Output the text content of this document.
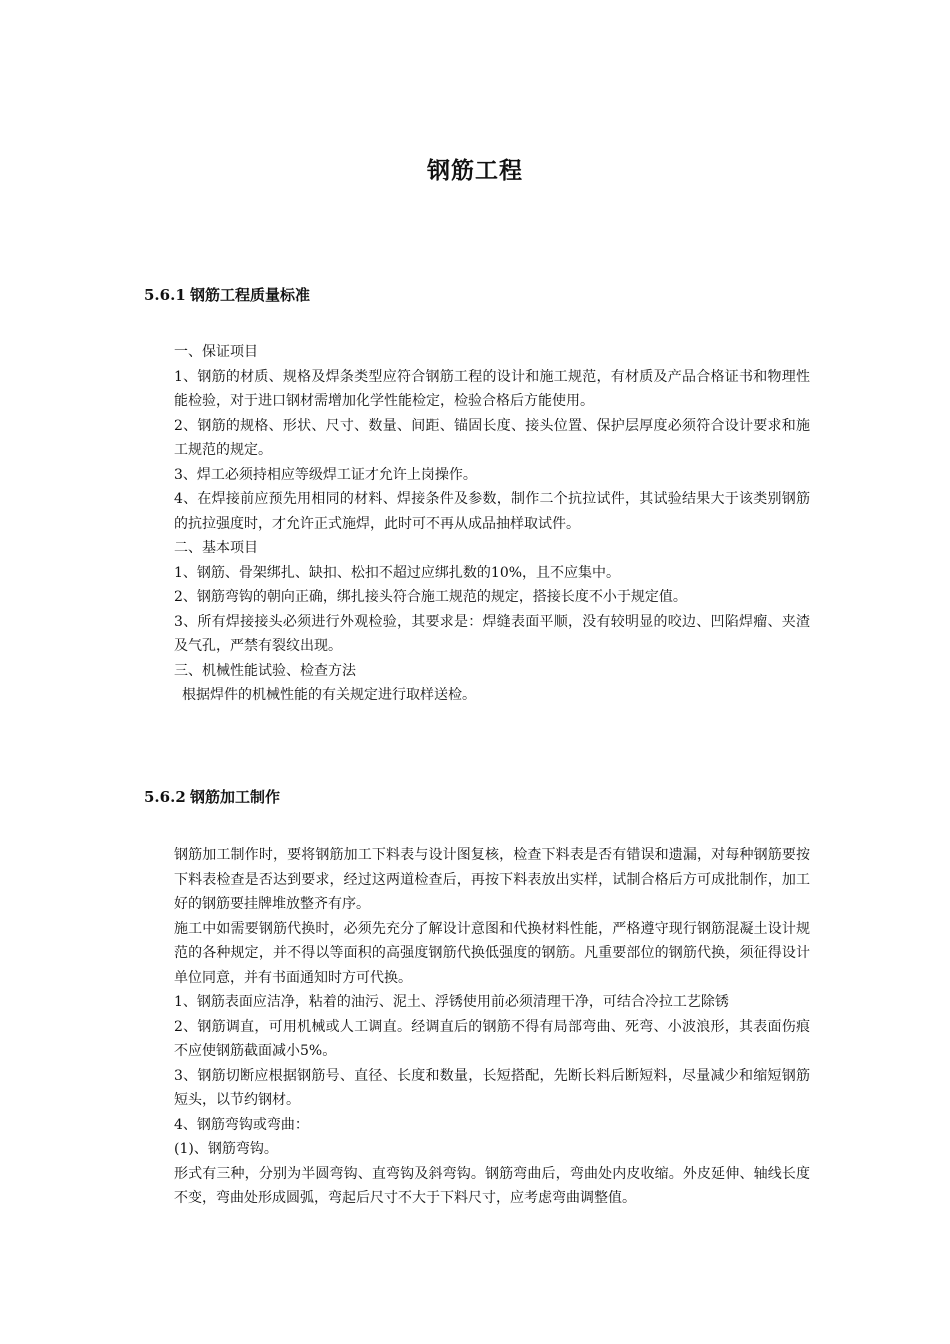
钢筋工程
5.6.1 钢筋工程质量标准

一、保证项目

1、钢筋的材质、规格及焊条类型应符合钢筋工程的设计和施工规范，有材质及产品合格证书和物理性能检验，对于进口钢材需增加化学性能检定，检验合格后方能使用。

2、钢筋的规格、形状、尺寸、数量、间距、锚固长度、接头位置、保护层厚度必须符合设计要求和施工规范的规定。

3、焊工必须持相应等级焊工证才允许上岗操作。

4、在焊接前应预先用相同的材料、焊接条件及参数，制作二个抗拉试件，其试验结果大于该类别钢筋的抗拉强度时，才允许正式施焊，此时可不再从成品抽样取试件。

二、基本项目

1、钢筋、骨架绑扎、缺扣、松扣不超过应绑扎数的10%，且不应集中。

2、钢筋弯钩的朝向正确，绑扎接头符合施工规范的规定，搭接长度不小于规定值。

3、所有焊接接头必须进行外观检验，其要求是：焊缝表面平顺，没有较明显的咬边、凹陷焊瘤、夹渣及气孔，严禁有裂纹出现。

三、机械性能试验、检查方法

根据焊件的机械性能的有关规定进行取样送检。

5.6.2 钢筋加工制作

钢筋加工制作时，要将钢筋加工下料表与设计图复核，检查下料表是否有错误和遗漏，对每种钢筋要按下料表检查是否达到要求，经过这两道检查后，再按下料表放出实样，试制合格后方可成批制作，加工好的钢筋要挂牌堆放整齐有序。

施工中如需要钢筋代换时，必须先充分了解设计意图和代换材料性能，严格遵守现行钢筋混凝土设计规范的各种规定，并不得以等面积的高强度钢筋代换低强度的钢筋。凡重要部位的钢筋代换，须征得设计单位同意，并有书面通知时方可代换。

1、钢筋表面应洁净，粘着的油污、泥土、浮锈使用前必须清理干净，可结合冷拉工艺除锈

2、钢筋调直，可用机械或人工调直。经调直后的钢筋不得有局部弯曲、死弯、小波浪形，其表面伤痕不应使钢筋截面减小5%。

3、钢筋切断应根据钢筋号、直径、长度和数量，长短搭配，先断长料后断短料，尽量减少和缩短钢筋短头，以节约钢材。

4、钢筋弯钩或弯曲：

(1)、钢筋弯钩。

形式有三种，分别为半圆弯钩、直弯钩及斜弯钩。钢筋弯曲后，弯曲处内皮收缩。外皮延伸、轴线长度不变，弯曲处形成圆弧，弯起后尺寸不大于下料尺寸，应考虑弯曲调整值。
